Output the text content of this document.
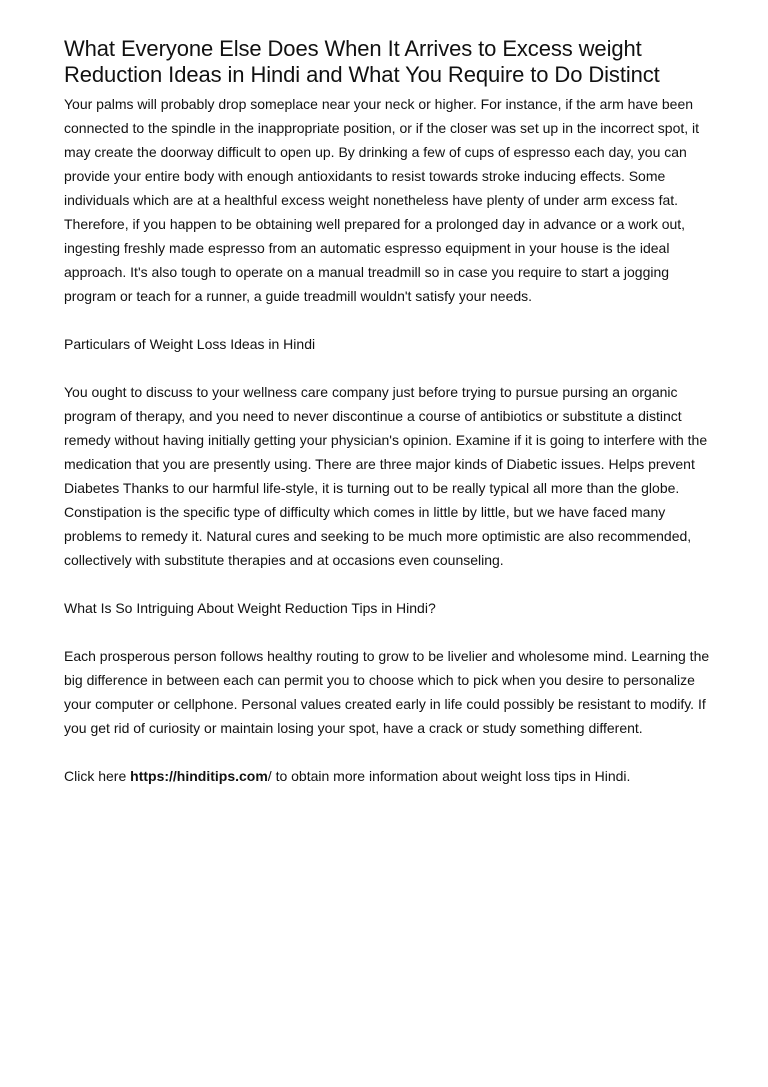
What Everyone Else Does When It Arrives to Excess weight Reduction Ideas in Hindi and What You Require to Do Distinct

Your palms will probably drop someplace near your neck or higher. For instance, if the arm have been connected to the spindle in the inappropriate position, or if the closer was set up in the incorrect spot, it may create the doorway difficult to open up. By drinking a few of cups of espresso each day, you can provide your entire body with enough antioxidants to resist towards stroke inducing effects. Some individuals which are at a healthful excess weight nonetheless have plenty of under arm excess fat. Therefore, if you happen to be obtaining well prepared for a prolonged day in advance or a work out, ingesting freshly made espresso from an automatic espresso equipment in your house is the ideal approach. It's also tough to operate on a manual treadmill so in case you require to start a jogging program or teach for a runner, a guide treadmill wouldn't satisfy your needs.

Particulars of Weight Loss Ideas in Hindi

You ought to discuss to your wellness care company just before trying to pursue pursing an organic program of therapy, and you need to never discontinue a course of antibiotics or substitute a distinct remedy without having initially getting your physician's opinion. Examine if it is going to interfere with the medication that you are presently using. There are three major kinds of Diabetic issues. Helps prevent Diabetes Thanks to our harmful life-style, it is turning out to be really typical all more than the globe. Constipation is the specific type of difficulty which comes in little by little, but we have faced many problems to remedy it. Natural cures and seeking to be much more optimistic are also recommended, collectively with substitute therapies and at occasions even counseling.

What Is So Intriguing About Weight Reduction Tips in Hindi?

Each prosperous person follows healthy routing to grow to be livelier and wholesome mind. Learning the big difference in between each can permit you to choose which to pick when you desire to personalize your computer or cellphone. Personal values created early in life could possibly be resistant to modify. If you get rid of curiosity or maintain losing your spot, have a crack or study something different.

Click here https://hinditips.com/ to obtain more information about weight loss tips in Hindi.
